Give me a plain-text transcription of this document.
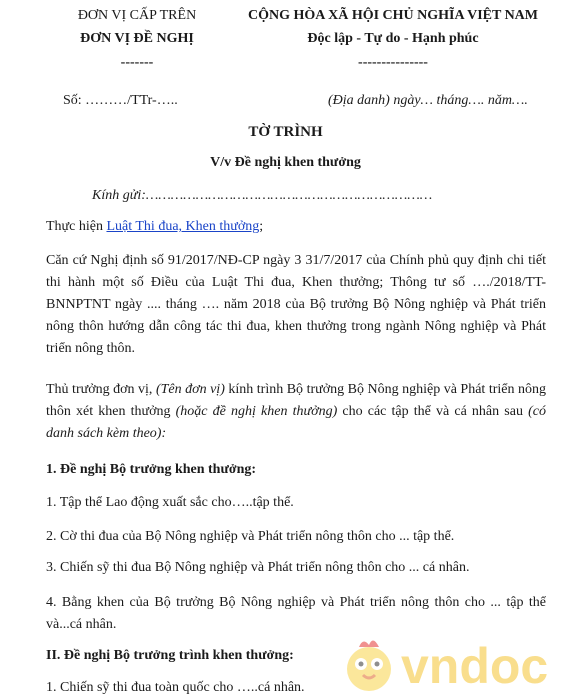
ĐƠN VỊ CẤP TRÊN
ĐƠN VỊ ĐỀ NGHỊ
-------
Số: ………/TTr-…..
CỘNG HÒA XÃ HỘI CHỦ NGHĨA VIỆT NAM
Độc lập - Tự do - Hạnh phúc
---------------
(Địa danh) ngày… tháng…. năm….
TỜ TRÌNH
V/v Đề nghị khen thưởng
Kính gửi:……………………………………………………………
Thực hiện Luật Thi đua, Khen thưởng;
Căn cứ Nghị định số 91/2017/NĐ-CP ngày 3 31/7/2017 của Chính phủ quy định chi tiết thi hành một số Điều của Luật Thi đua, Khen thưởng; Thông tư số …./2018/TT-BNNPTNT ngày .... tháng …. năm 2018 của Bộ trưởng Bộ Nông nghiệp và Phát triển nông thôn hướng dẫn công tác thi đua, khen thưởng trong ngành Nông nghiệp và Phát triển nông thôn.
Thủ trưởng đơn vị, (Tên đơn vị) kính trình Bộ trưởng Bộ Nông nghiệp và Phát triển nông thôn xét khen thưởng (hoặc đề nghị khen thưởng) cho các tập thể và cá nhân sau (có danh sách kèm theo):
1. Đề nghị Bộ trưởng khen thưởng:
1. Tập thể Lao động xuất sắc cho…..tập thể.
2. Cờ thi đua của Bộ Nông nghiệp và Phát triển nông thôn cho ... tập thể.
3. Chiến sỹ thi đua Bộ Nông nghiệp và Phát triển nông thôn cho ... cá nhân.
4. Bằng khen của Bộ trưởng Bộ Nông nghiệp và Phát triển nông thôn cho ... tập thể và...cá nhân.
II. Đề nghị Bộ trưởng trình khen thưởng:
1. Chiến sỹ thi đua toàn quốc cho …..cá nhân. vndoc
